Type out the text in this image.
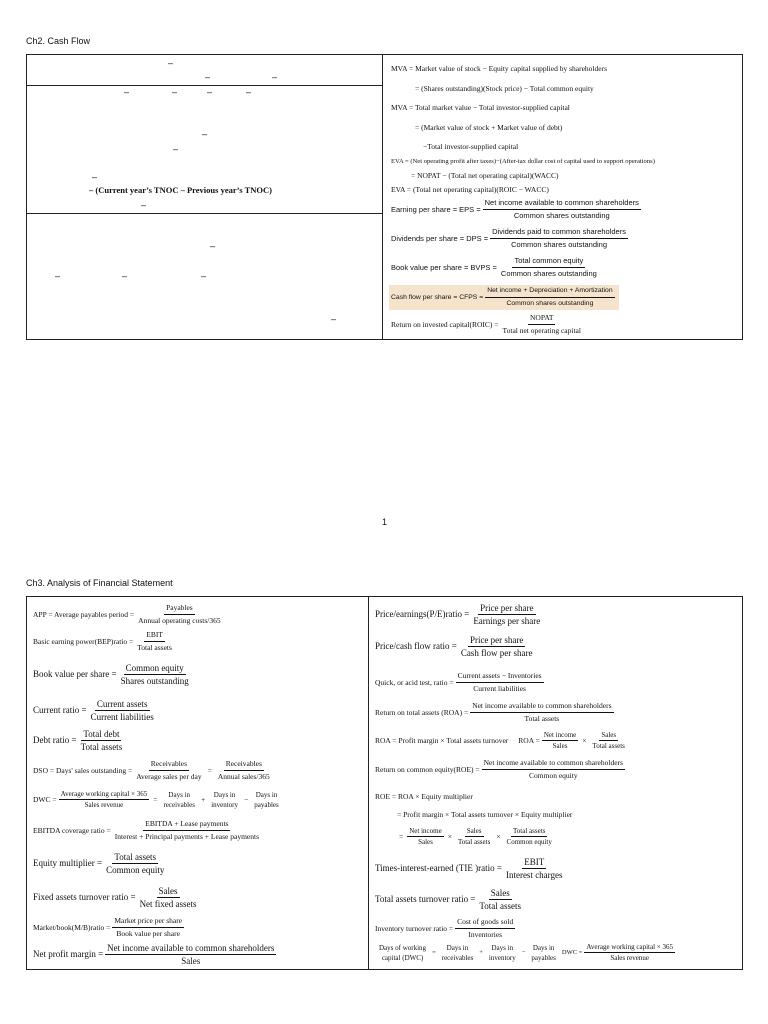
Ch2. Cash Flow
–
–	–
–	–	–	–
–
–
–
– (Current year’s TNOC – Previous year’s TNOC)
–
–
–	–	–
–
MVA = Market value of stock − Equity capital supplied by shareholders
= (Shares outstanding)(Stock price) − Total common equity
MVA = Total market value − Total investor-supplied capital
= (Market value of stock + Market value of debt)
−Total investor-supplied capital
EVA = (Net operating profit after taxes)−(After-tax dollar cost of capital used to support operations)
= NOPAT − (Total net operating capital)(WACC)
EVA = (Total net operating capital)(ROIC − WACC)
Earning per share = EPS = $\frac{\text{Net income available to common shareholders}}{\text{Common shares outstanding}}$
Dividends per share = DPS = $\frac{\text{Dividends paid to common shareholders}}{\text{Common shares outstanding}}$
Book value per share = BVPS = $\frac{\text{Total common equity}}{\text{Common shares outstanding}}$
Cash flow per share = CFPS = $\frac{\text{Net income + Depreciation + Amortization}}{\text{Common shares outstanding}}$
Return on invested capital(ROIC) = $\frac{\text{NOPAT}}{\text{Total net operating capital}}$
1
Ch3. Analysis of Financial Statement
APP = Average payables period = $\frac{\text{Payables}}{\text{Annual operating costs/365}}$
Basic earning power(BEP)ratio = $\frac{\text{EBIT}}{\text{Total assets}}$
Book value per share = $\frac{\text{Common equity}}{\text{Shares outstanding}}$
Current ratio = $\frac{\text{Current assets}}{\text{Current liabilities}}$
Debt ratio = $\frac{\text{Total debt}}{\text{Total assets}}$
DSO = Days' sales outstanding = $\frac{\text{Receivables}}{\text{Average sales per day}} = \frac{\text{Receivables}}{\text{Annual sales/365}}$
DWC = $\frac{\text{Average working capital × 365}}{\text{Sales revenue}}$ =
Days in
receivables
+
Days in
inventory
−
Days in
payables
EBITDA coverage ratio = $\frac{\text{EBITDA + Lease payments}}{\text{Interest + Principal payments + Lease payments}}$
Equity multiplier = $\frac{\text{Total assets}}{\text{Common equity}}$
Fixed assets turnover ratio = $\frac{\text{Sales}}{\text{Net fixed assets}}$
Market/book(M/B)ratio = $\frac{\text{Market price per share}}{\text{Book value per share}}$
Net profit margin = $\frac{\text{Net income available to common shareholders}}{\text{Sales}}$
Price/earnings(P/E)ratio = $\frac{\text{Price per share}}{\text{Earnings per share}}$
Price/cash flow ratio = $\frac{\text{Price per share}}{\text{Cash flow per share}}$
Quick, or acid test, ratio = $\frac{\text{Current assets − Inventories}}{\text{Current liabilities}}$
Return on total assets $(ROA) = \frac{\text{Net income available to common shareholders}}{\text{Total assets}}$
ROA = Profit margin × Total assets turnover ROA = $\frac{\text{Net income}}{\text{Sales}} \times \frac{\text{Sales}}{\text{Total assets}}$
Return on common equity(ROE) = $\frac{\text{Net income available to common shareholders}}{\text{Common equity}}$
ROE = ROA × Equity multiplier
= Profit margin × Total assets turnover × Equity multiplier
= $\frac{\text{Net income}}{\text{Sales}} \times \frac{\text{Sales}}{\text{Total assets}} \times \frac{\text{Total assets}}{\text{Common equity}}$
Times-interest-earned (TIE )ratio = $\frac{\text{EBIT}}{\text{Interest charges}}$
Total assets turnover ratio = $\frac{\text{Sales}}{\text{Total assets}}$
Inventory turnover ratio = $\frac{\text{Cost of goods sold}}{\text{Inventories}}$
Days of working
capital (DWC)
=
Days in
receivables
+
Days in
inventory
−
Days in
payables
DWC = $\frac{\text{Average working capital × 365}}{\text{Sales revenue}}$
